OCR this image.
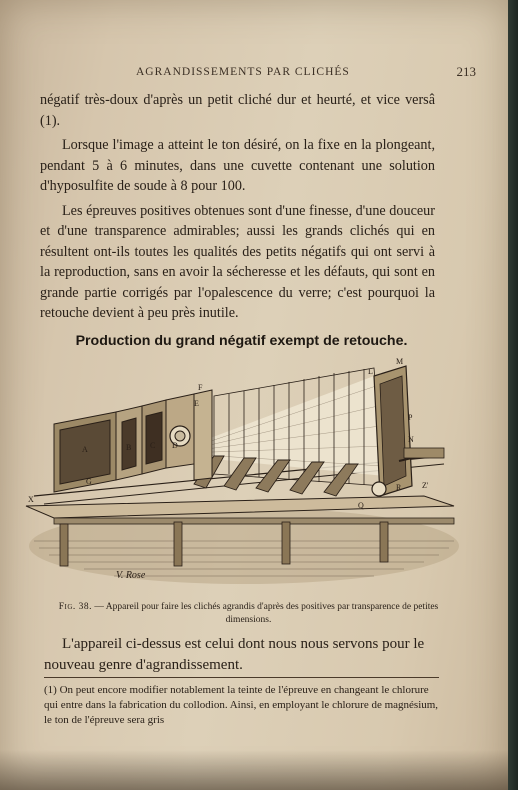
AGRANDISSEMENTS PAR CLICHÉS	213

négatif très-doux d'après un petit cliché dur et heurté, et vice versâ (1).

Lorsque l'image a atteint le ton désiré, on la fixe en la plongeant, pendant 5 à 6 minutes, dans une cuvette contenant une solution d'hyposulfite de soude à 8 pour 100.

Les épreuves positives obtenues sont d'une finesse, d'une douceur et d'une transparence admirables; aussi les grands clichés qui en résultent ont-ils toutes les qualités des petits négatifs qui ont servi à la reproduction, sans en avoir la sécheresse et les défauts, qui sont en grande partie corrigés par l'opalescence du verre; c'est pourquoi la retouche devient à peu près inutile.

Production du grand négatif exempt de retouche.
X
G
A	B C D
E
F
M
L
P
N
R
Q
Z'
V. Rose
Fig. 38. — Appareil pour faire les clichés agrandis d'après des positives par transparence de petites dimensions.
L'appareil ci-dessus est celui dont nous nous servons pour le nouveau genre d'agrandissement.
(1) On peut encore modifier notablement la teinte de l'épreuve en changeant le chlorure qui entre dans la fabrication du collodion. Ainsi, en employant le chlorure de magnésium, le ton de l'épreuve sera gris
